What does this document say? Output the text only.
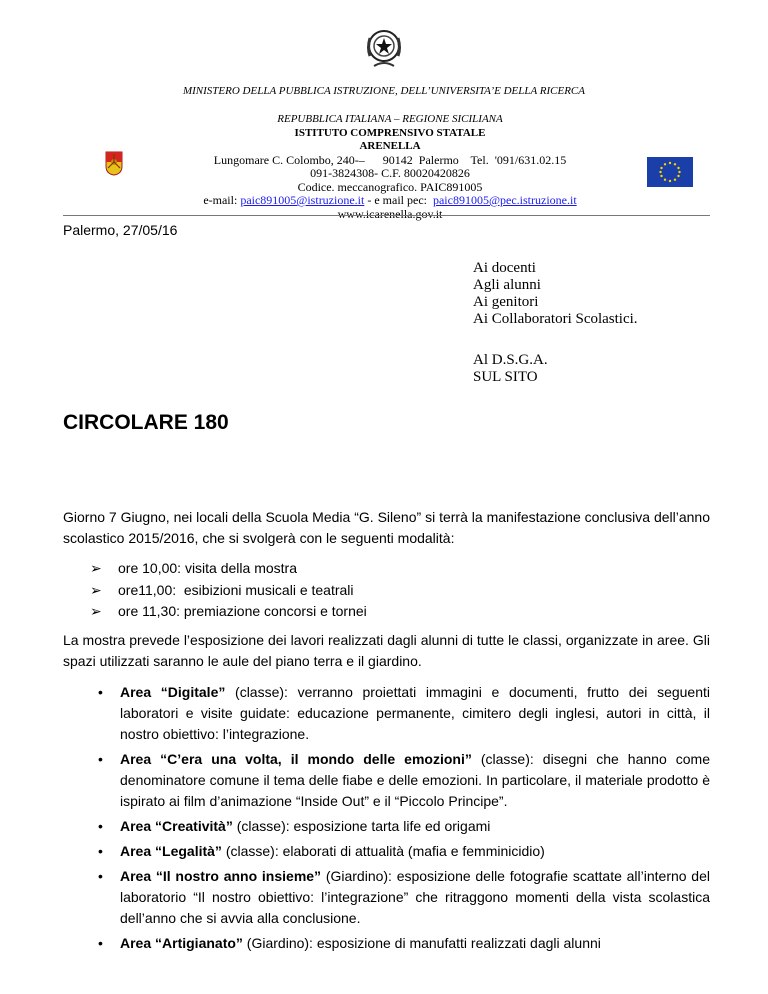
MINISTERO DELLA PUBBLICA ISTRUZIONE, DELL’UNIVERSITA’E DELLA RICERCA
REPUBBLICA ITALIANA – REGIONE SICILIANA
ISTITUTO COMPRENSIVO STATALE
ARENELLA
Lungomare C. Colombo, 240-–      90142  Palermo    Tel.  '091/631.02.15
091-3824308- C.F. 80020420826
Codice. meccanografico. PAIC891005
e-mail: paic891005@istruzione.it - e mail pec:  paic891005@pec.istruzione.it
www.icarenella.gov.it
Palermo, 27/05/16
Ai docenti
Agli alunni
Ai genitori
Ai Collaboratori Scolastici.
Al D.S.G.A.
SUL SITO
CIRCOLARE 180
Giorno 7 Giugno, nei locali della Scuola Media “G. Sileno” si terrà la manifestazione conclusiva dell’anno scolastico 2015/2016, che si svolgerà con le seguenti modalità:
➢ ore 10,00: visita della mostra
➢ ore11,00:  esibizioni musicali e teatrali
➢ ore 11,30: premiazione concorsi e tornei
La mostra prevede l’esposizione dei lavori realizzati dagli alunni di tutte le classi, organizzate in aree. Gli spazi utilizzati saranno le aule del piano terra e il giardino.
• Area “Digitale” (classe): verranno proiettati immagini e documenti, frutto dei seguenti laboratori e visite guidate: educazione permanente, cimitero degli inglesi, autori in città, il nostro obiettivo: l’integrazione.
• Area “C’era una volta, il mondo delle emozioni” (classe): disegni che hanno come denominatore comune il tema delle fiabe e delle emozioni. In particolare, il materiale prodotto è ispirato ai film d’animazione “Inside Out” e il “Piccolo Principe”.
• Area “Creatività” (classe): esposizione tarta life ed origami
• Area “Legalità” (classe): elaborati di attualità (mafia e femminicidio)
• Area “Il nostro anno insieme” (Giardino): esposizione delle fotografie scattate all’interno del laboratorio “Il nostro obiettivo: l’integrazione” che ritraggono momenti della vista scolastica dell’anno che si avvia alla conclusione.
• Area “Artigianato” (Giardino): esposizione di manufatti realizzati dagli alunni
